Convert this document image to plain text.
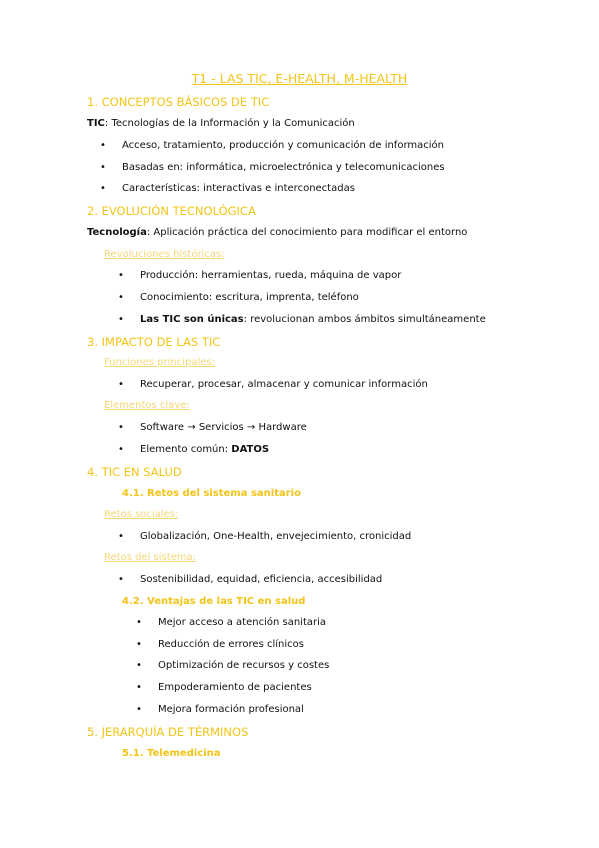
T1 - LAS TIC, E-HEALTH, M-HEALTH
1. CONCEPTOS BÁSICOS DE TIC
TIC: Tecnologías de la Información y la Comunicación
• Acceso, tratamiento, producción y comunicación de información
• Basadas en: informática, microelectrónica y telecomunicaciones
• Características: interactivas e interconectadas
2. EVOLUCIÓN TECNOLÓGICA
Tecnología: Aplicación práctica del conocimiento para modificar el entorno
Revoluciones históricas:
• Producción: herramientas, rueda, máquina de vapor
• Conocimiento: escritura, imprenta, teléfono
• Las TIC son únicas: revolucionan ambos ámbitos simultáneamente
3. IMPACTO DE LAS TIC
Funciones principales:
• Recuperar, procesar, almacenar y comunicar información
Elementos clave:
• Software → Servicios → Hardware
• Elemento común: DATOS
4. TIC EN SALUD
4.1. Retos del sistema sanitario
Retos sociales:
• Globalización, One-Health, envejecimiento, cronicidad
Retos del sistema:
• Sostenibilidad, equidad, eficiencia, accesibilidad
4.2. Ventajas de las TIC en salud
• Mejor acceso a atención sanitaria
• Reducción de errores clínicos
• Optimización de recursos y costes
• Empoderamiento de pacientes
• Mejora formación profesional
5. JERARQUÍA DE TÉRMINOS
5.1. Telemedicina
